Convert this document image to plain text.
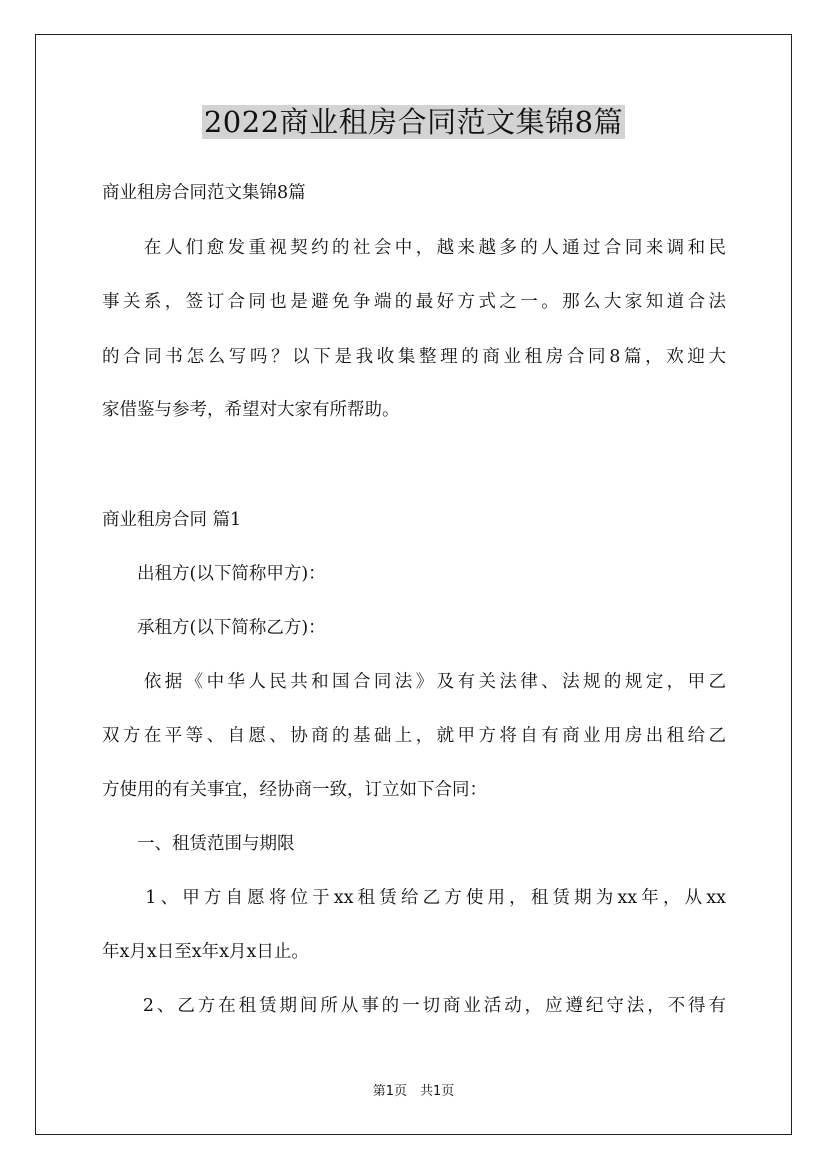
2022商业租房合同范文集锦8篇
商业租房合同范文集锦8篇
　　在人们愈发重视契约的社会中，越来越多的人通过合同来调和民
事关系，签订合同也是避免争端的最好方式之一。那么大家知道合法
的合同书怎么写吗？以下是我收集整理的商业租房合同8篇，欢迎大
家借鉴与参考，希望对大家有所帮助。
商业租房合同 篇1
　　出租方(以下简称甲方)：
　　承租方(以下简称乙方)：
　　依据《中华人民共和国合同法》及有关法律、法规的规定，甲乙
双方在平等、自愿、协商的基础上，就甲方将自有商业用房出租给乙
方使用的有关事宜，经协商一致，订立如下合同：
　　一、租赁范围与期限
　　1、甲方自愿将位于xx租赁给乙方使用，租赁期为xx年，从xx
年x月x日至x年x月x日止。
　　2、乙方在租赁期间所从事的一切商业活动，应遵纪守法，不得有
第1页　共1页
